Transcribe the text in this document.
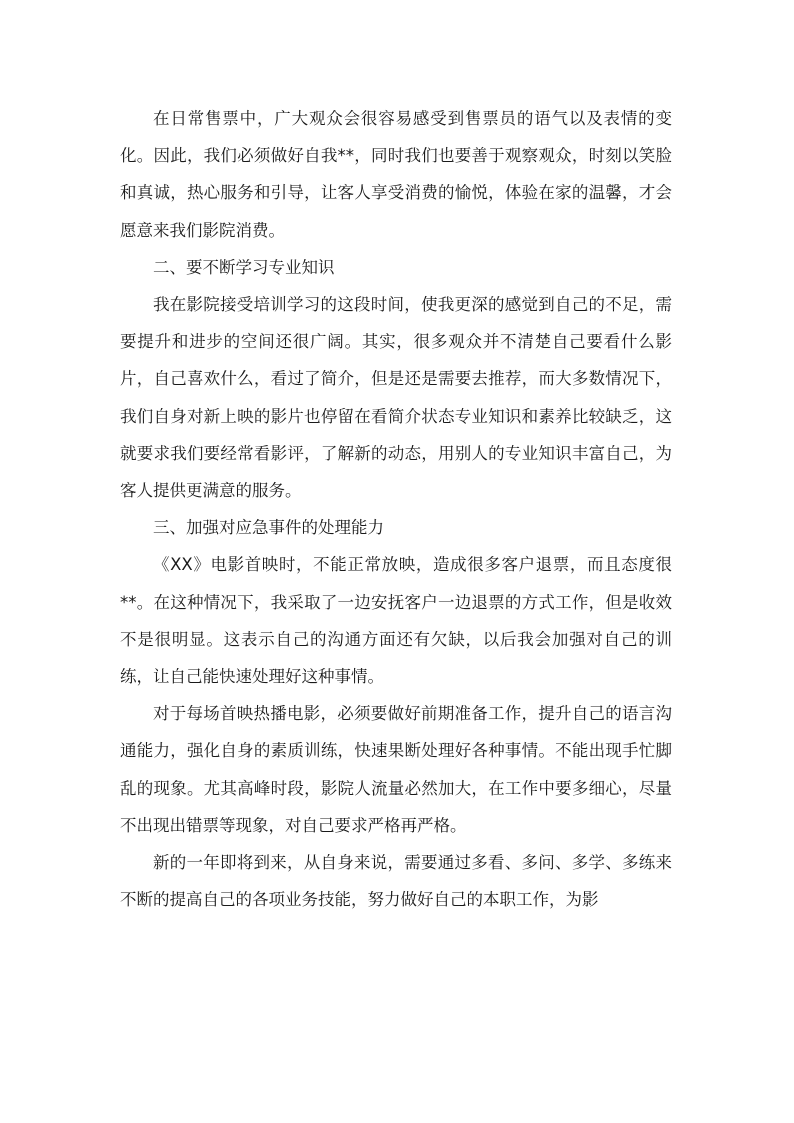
在日常售票中，广大观众会很容易感受到售票员的语气以及表情的变化。因此，我们必须做好自我**，同时我们也要善于观察观众，时刻以笑脸和真诚，热心服务和引导，让客人享受消费的愉悦，体验在家的温馨，才会愿意来我们影院消费。

二、要不断学习专业知识

我在影院接受培训学习的这段时间，使我更深的感觉到自己的不足，需要提升和进步的空间还很广阔。其实，很多观众并不清楚自己要看什么影片，自己喜欢什么，看过了简介，但是还是需要去推荐，而大多数情况下，我们自身对新上映的影片也停留在看简介状态专业知识和素养比较缺乏，这就要求我们要经常看影评，了解新的动态，用别人的专业知识丰富自己，为客人提供更满意的服务。

三、加强对应急事件的处理能力

《XX》电影首映时，不能正常放映，造成很多客户退票，而且态度很**。在这种情况下，我采取了一边安抚客户一边退票的方式工作，但是收效不是很明显。这表示自己的沟通方面还有欠缺，以后我会加强对自己的训练，让自己能快速处理好这种事情。

对于每场首映热播电影，必须要做好前期准备工作，提升自己的语言沟通能力，强化自身的素质训练，快速果断处理好各种事情。不能出现手忙脚乱的现象。尤其高峰时段，影院人流量必然加大，在工作中要多细心，尽量不出现出错票等现象，对自己要求严格再严格。

新的一年即将到来，从自身来说，需要通过多看、多问、多学、多练来不断的提高自己的各项业务技能，努力做好自己的本职工作，为影
